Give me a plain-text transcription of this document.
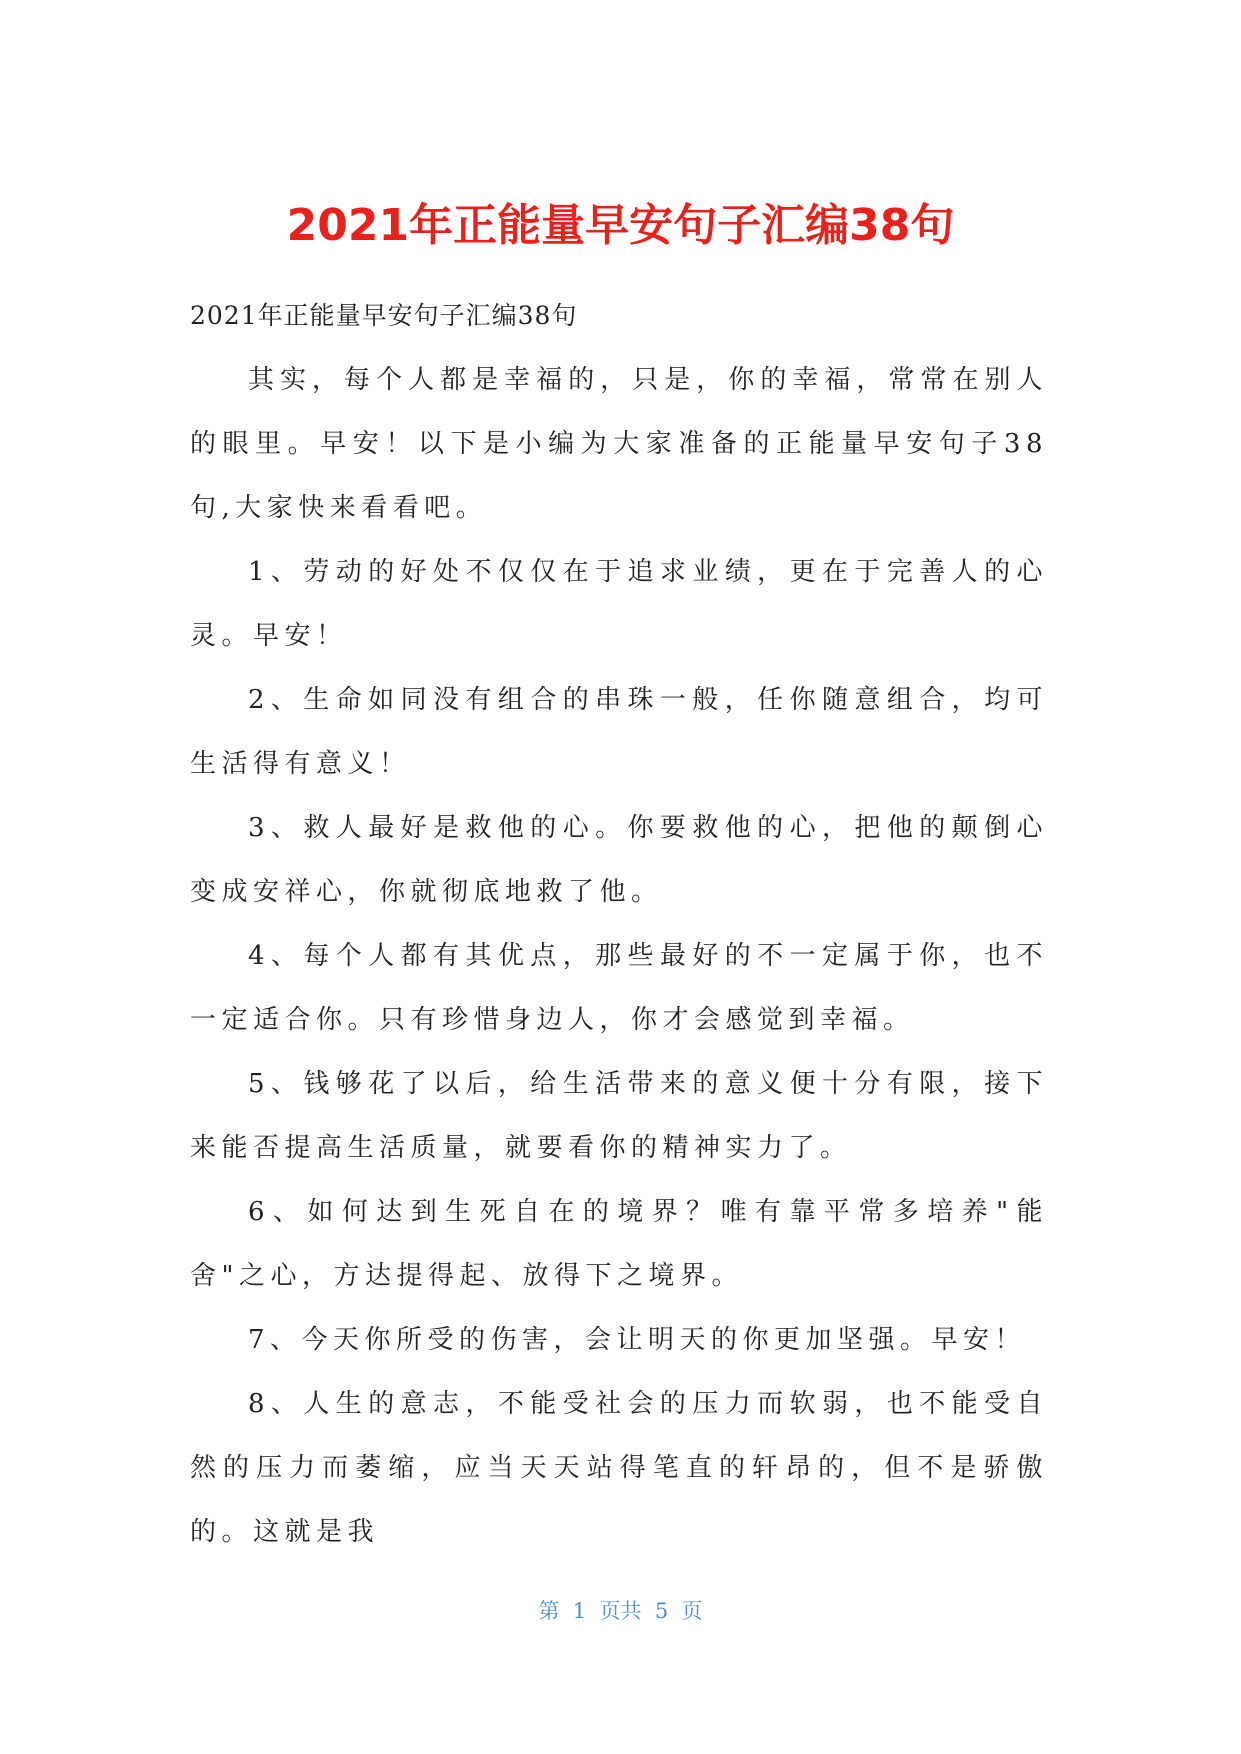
2021年正能量早安句子汇编38句

2021年正能量早安句子汇编38句

其实，每个人都是幸福的，只是，你的幸福，常常在别人的眼里。早安！以下是小编为大家准备的正能量早安句子38句,大家快来看看吧。

1、劳动的好处不仅仅在于追求业绩，更在于完善人的心灵。早安！

2、生命如同没有组合的串珠一般，任你随意组合，均可生活得有意义！

3、救人最好是救他的心。你要救他的心，把他的颠倒心变成安祥心，你就彻底地救了他。

4、每个人都有其优点，那些最好的不一定属于你，也不一定适合你。只有珍惜身边人，你才会感觉到幸福。

5、钱够花了以后，给生活带来的意义便十分有限，接下来能否提高生活质量，就要看你的精神实力了。

6、如何达到生死自在的境界？唯有靠平常多培养"能舍"之心，方达提得起、放得下之境界。

7、今天你所受的伤害，会让明天的你更加坚强。早安！

8、人生的意志，不能受社会的压力而软弱，也不能受自然的压力而萎缩，应当天天站得笔直的轩昂的，但不是骄傲的。这就是我

第  1  页共  5  页
